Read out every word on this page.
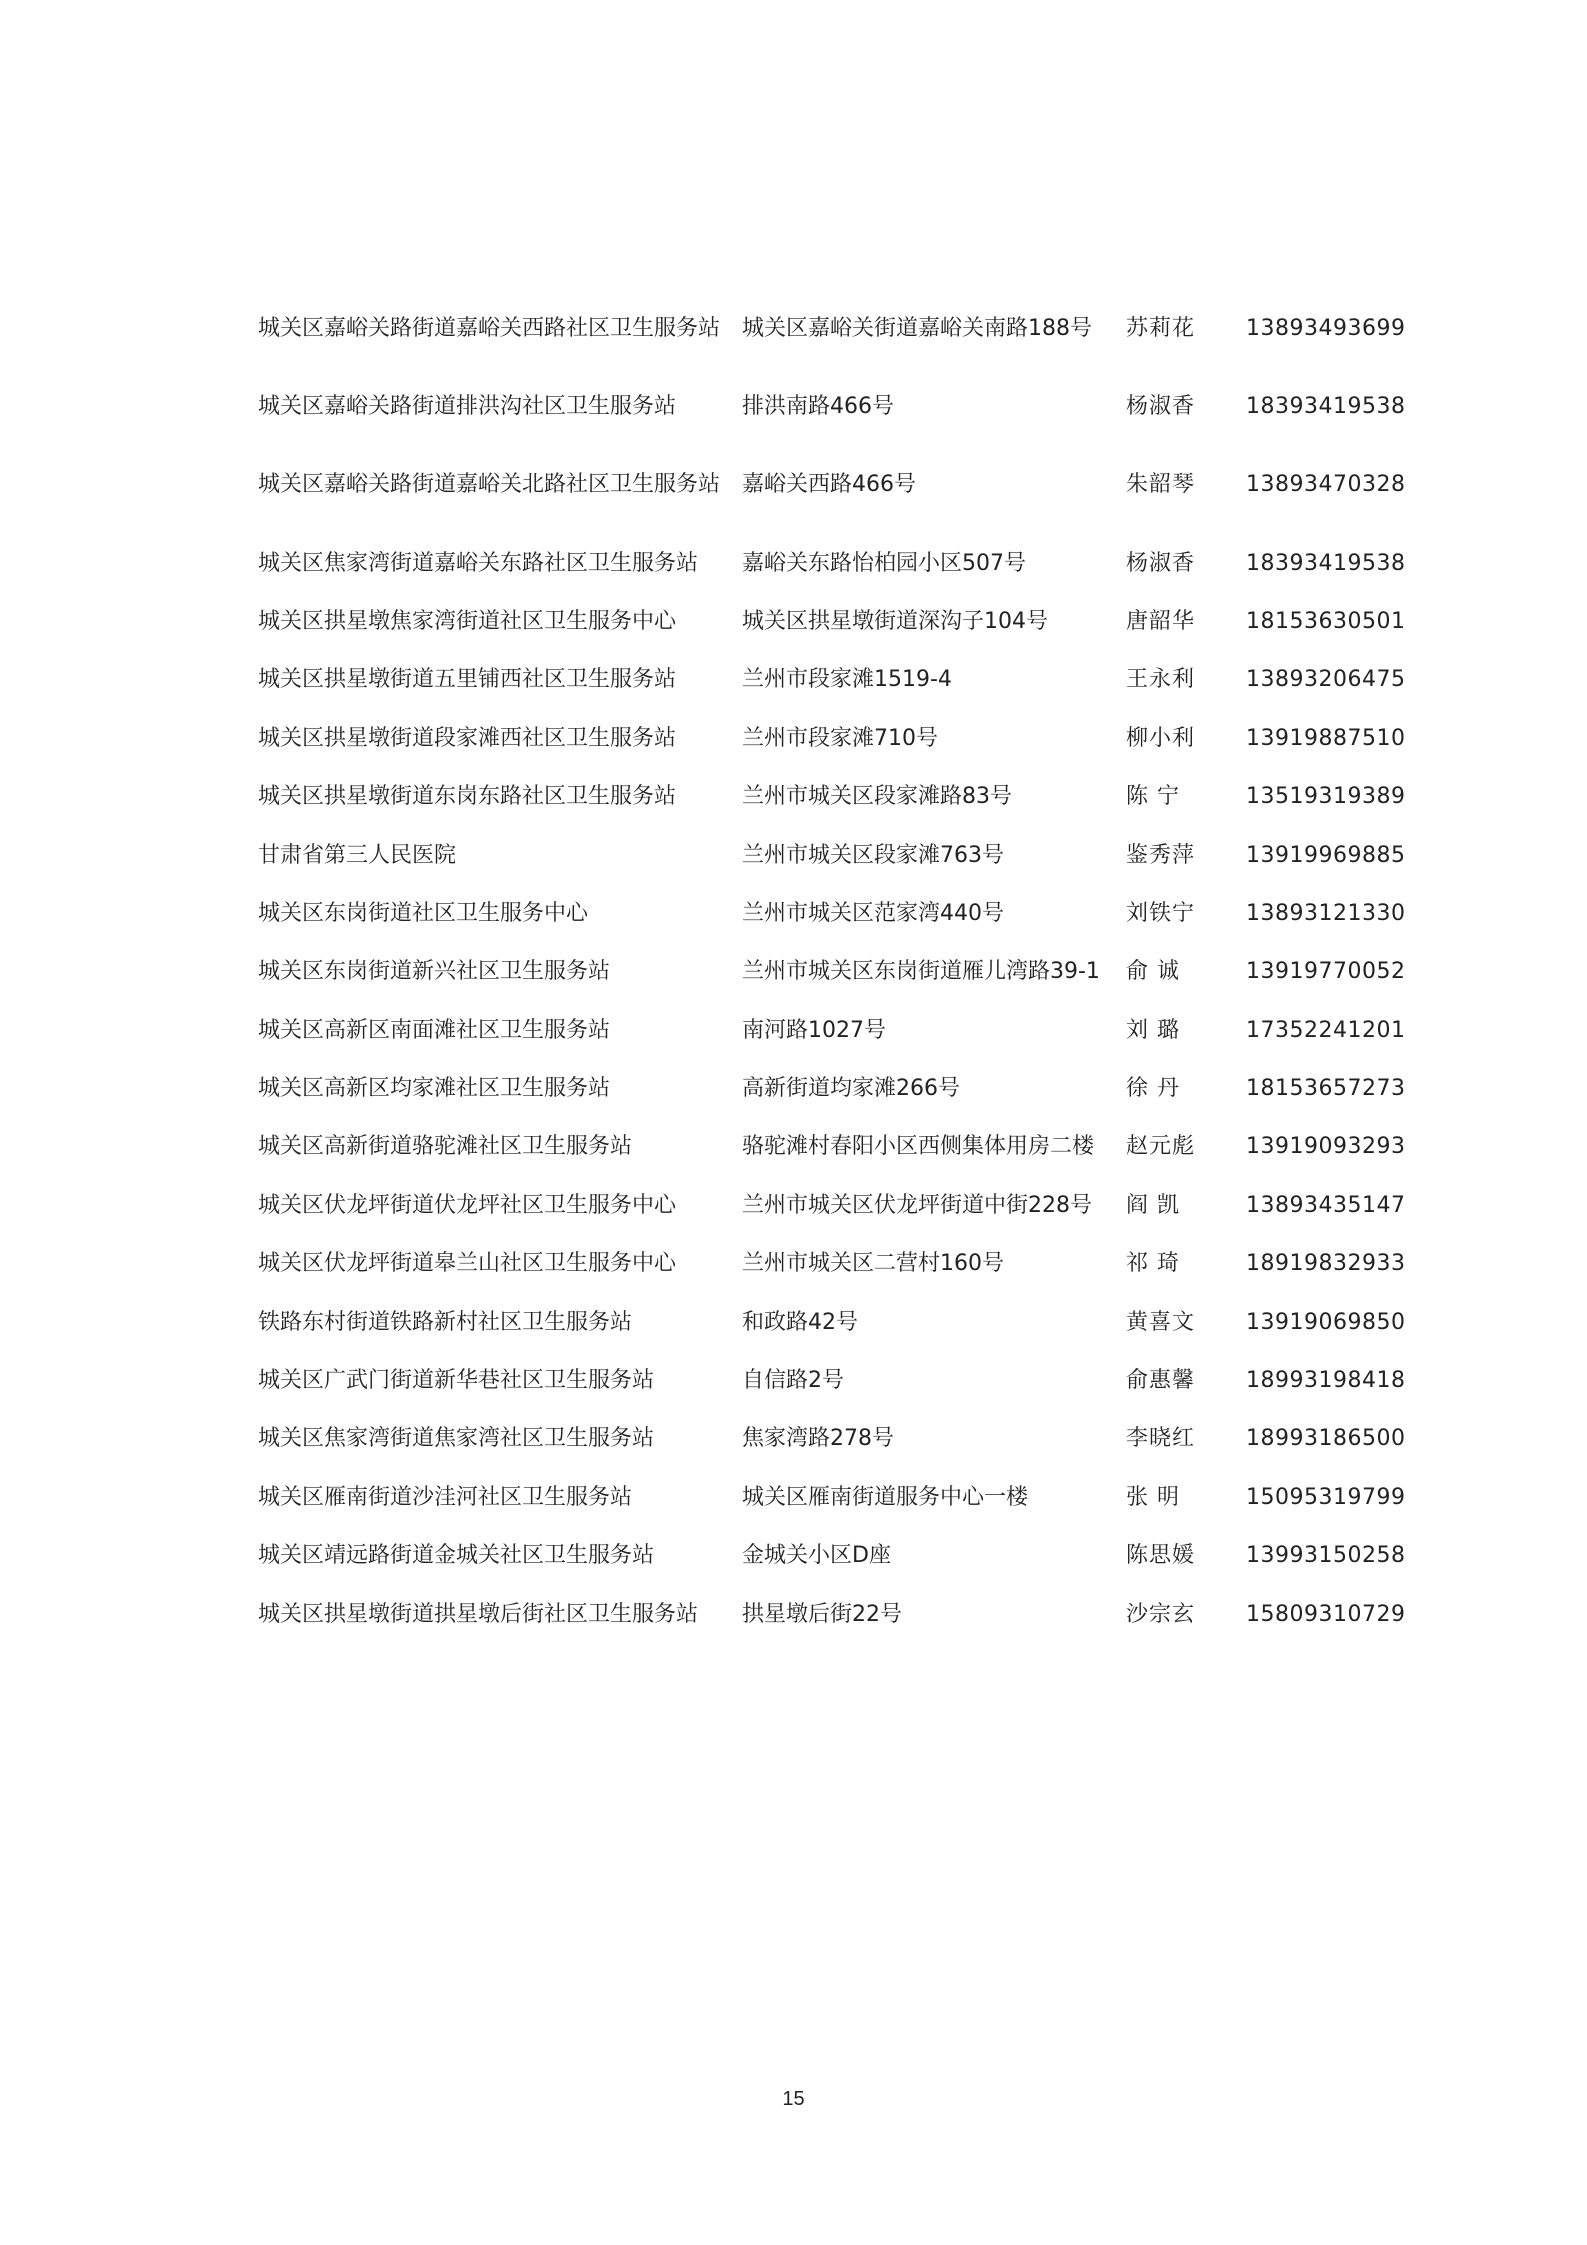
城关区嘉峪关路街道嘉峪关西路社区卫生服务站	城关区嘉峪关街道嘉峪关南路188号	苏莉花	13893493699
城关区嘉峪关路街道排洪沟社区卫生服务站	排洪南路466号	杨淑香	18393419538
城关区嘉峪关路街道嘉峪关北路社区卫生服务站	嘉峪关西路466号	朱韶琴	13893470328
城关区焦家湾街道嘉峪关东路社区卫生服务站	嘉峪关东路怡柏园小区507号	杨淑香	18393419538
城关区拱星墩焦家湾街道社区卫生服务中心	城关区拱星墩街道深沟子104号	唐韶华	18153630501
城关区拱星墩街道五里铺西社区卫生服务站	兰州市段家滩1519-4	王永利	13893206475
城关区拱星墩街道段家滩西社区卫生服务站	兰州市段家滩710号	柳小利	13919887510
城关区拱星墩街道东岗东路社区卫生服务站	兰州市城关区段家滩路83号	陈 宁	13519319389
甘肃省第三人民医院	兰州市城关区段家滩763号	鉴秀萍	13919969885
城关区东岗街道社区卫生服务中心	兰州市城关区范家湾440号	刘铁宁	13893121330
城关区东岗街道新兴社区卫生服务站	兰州市城关区东岗街道雁儿湾路39-1	俞 诚	13919770052
城关区高新区南面滩社区卫生服务站	南河路1027号	刘 璐	17352241201
城关区高新区均家滩社区卫生服务站	高新街道均家滩266号	徐 丹	18153657273
城关区高新街道骆驼滩社区卫生服务站	骆驼滩村春阳小区西侧集体用房二楼	赵元彪	13919093293
城关区伏龙坪街道伏龙坪社区卫生服务中心	兰州市城关区伏龙坪街道中街228号	阎 凯	13893435147
城关区伏龙坪街道皋兰山社区卫生服务中心	兰州市城关区二营村160号	祁 琦	18919832933
铁路东村街道铁路新村社区卫生服务站	和政路42号	黄喜文	13919069850
城关区广武门街道新华巷社区卫生服务站	自信路2号	俞惠馨	18993198418
城关区焦家湾街道焦家湾社区卫生服务站	焦家湾路278号	李晓红	18993186500
城关区雁南街道沙洼河社区卫生服务站	城关区雁南街道服务中心一楼	张 明	15095319799
城关区靖远路街道金城关社区卫生服务站	金城关小区D座	陈思媛	13993150258
城关区拱星墩街道拱星墩后街社区卫生服务站	拱星墩后街22号	沙宗玄	15809310729
15
